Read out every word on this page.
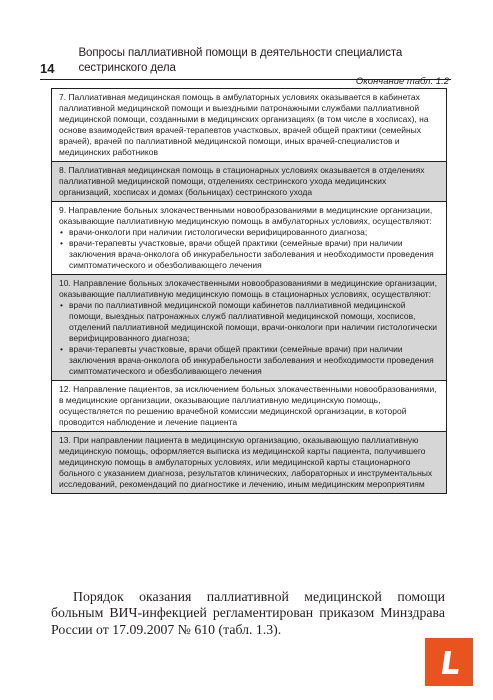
14
Вопросы паллиативной помощи в деятельности специалиста сестринского дела
Окончание табл. 1.2

7. Паллиативная медицинская помощь в амбулаторных условиях оказывается в кабинетах паллиативной медицинской помощи и выездными патронажными службами паллиативной медицинской помощи, созданными в медицинских организациях (в том числе в хосписах), на основе взаимодействия врачей-терапевтов участковых, врачей общей практики (семейных врачей), врачей по паллиативной медицинской помощи, иных врачей-специалистов и медицинских работников

8. Паллиативная медицинская помощь в стационарных условиях оказывается в отделениях паллиативной медицинской помощи, отделениях сестринского ухода медицинских организаций, хосписах и домах (больницах) сестринского ухода

9. Направление больных злокачественными новообразованиями в медицинские организации, оказывающие паллиативную медицинскую помощь в амбулаторных условиях, осуществляют:

• врачи-онкологи при наличии гистологически верифицированного диагноза;

• врачи-терапевты участковые, врачи общей практики (семейные врачи) при наличии заключения врача-онколога об инкурабельности заболевания и необходимости проведения симптоматического и обезболивающего лечения

10. Направление больных злокачественными новообразованиями в медицинские организации, оказывающие паллиативную медицинскую помощь в стационарных условиях, осуществляют:

• врачи по паллиативной медицинской помощи кабинетов паллиативной медицинской помощи, выездных патронажных служб паллиативной медицинской помощи, хосписов, отделений паллиативной медицинской помощи, врачи-онкологи при наличии гистологически верифицированного диагноза;

• врачи-терапевты участковые, врачи общей практики (семейные врачи) при наличии заключения врача-онколога об инкурабельности заболевания и необходимости проведения симптоматического и обезболивающего лечения

12. Направление пациентов, за исключением больных злокачественными новообразованиями, в медицинские организации, оказывающие паллиативную медицинскую помощь, осуществляется по решению врачебной комиссии медицинской организации, в которой проводится наблюдение и лечение пациента

13. При направлении пациента в медицинскую организацию, оказывающую паллиативную медицинскую помощь, оформляется выписка из медицинской карты пациента, получившего медицинскую помощь в амбулаторных условиях, или медицинской карты стационарного больного с указанием диагноза, результатов клинических, лабораторных и инструментальных исследований, рекомендаций по диагностике и лечению, иным медицинским мероприятиям

Порядок оказания паллиативной медицинской помощи больным ВИЧ-инфекцией регламентирован приказом Минздрава России от 17.09.2007 № 610 (табл. 1.3).
